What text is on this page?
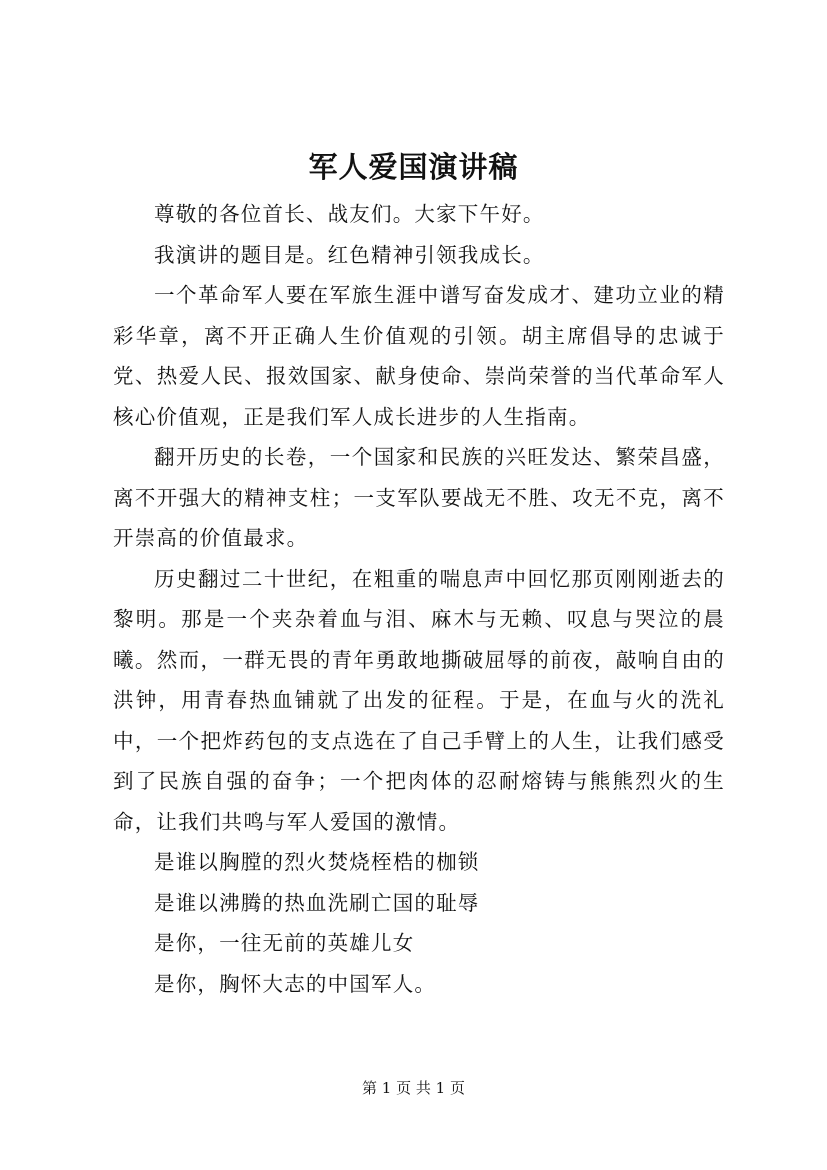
军人爱国演讲稿

尊敬的各位首长、战友们。大家下午好。

我演讲的题目是。红色精神引领我成长。

一个革命军人要在军旅生涯中谱写奋发成才、建功立业的精彩华章，离不开正确人生价值观的引领。胡主席倡导的忠诚于党、热爱人民、报效国家、献身使命、崇尚荣誉的当代革命军人核心价值观，正是我们军人成长进步的人生指南。

翻开历史的长卷，一个国家和民族的兴旺发达、繁荣昌盛，离不开强大的精神支柱；一支军队要战无不胜、攻无不克，离不开崇高的价值最求。

历史翻过二十世纪，在粗重的喘息声中回忆那页刚刚逝去的黎明。那是一个夹杂着血与泪、麻木与无赖、叹息与哭泣的晨曦。然而，一群无畏的青年勇敢地撕破屈辱的前夜，敲响自由的洪钟，用青春热血铺就了出发的征程。于是，在血与火的洗礼中，一个把炸药包的支点选在了自己手臂上的人生，让我们感受到了民族自强的奋争；一个把肉体的忍耐熔铸与熊熊烈火的生命，让我们共鸣与军人爱国的激情。

是谁以胸膛的烈火焚烧桎梏的枷锁

是谁以沸腾的热血洗刷亡国的耻辱

是你，一往无前的英雄儿女

是你，胸怀大志的中国军人。

第 1 页 共 1 页
